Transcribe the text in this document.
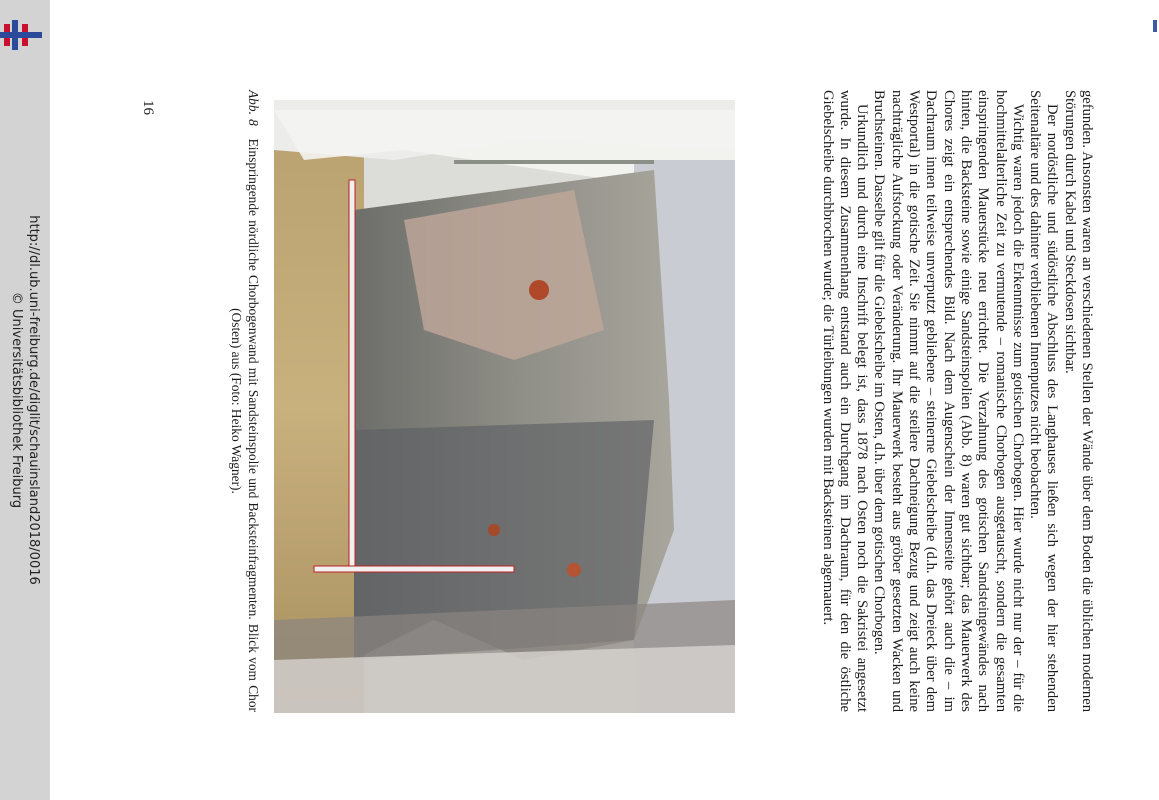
http://dl.ub.uni-freiburg.de/diglit/schauinsland2018/0016
© Universitätsbibliothek Freiburg	gefunden. Ansonsten waren an verschiedenen Stellen der Wände über dem Boden die üblichen modernen Störungen durch Kabel und Steckdosen sichtbar.

Der nordöstliche und südöstliche Abschluss des Langhauses ließen sich wegen der hier stehenden Seitenaltäre und des dahinter verbliebenen Innenputzes nicht beobachten.

Wichtig waren jedoch die Erkenntnisse zum gotischen Chorbogen. Hier wurde nicht nur der – für die hochmittelalterliche Zeit zu vermutende – romanische Chorbogen ausgetauscht, sondern die gesamten einspringenden Mauerstücke neu errichtet. Die Verzahnung des gotischen Sandsteingewändes nach hinten, die Backsteine sowie einige Sandsteinspolien (Abb. 8) waren gut sichtbar; das Mauerwerk des Chores zeigt ein entsprechendes Bild. Nach dem Augenschein der Innenseite gehört auch die – im Dachraum innen teilweise unverputzt gebliebene – steinerne Giebelscheibe (d.h. das Dreieck über dem Westportal) in die gotische Zeit. Sie nimmt auf die steilere Dachneigung Bezug und zeigt auch keine nachträgliche Aufstockung oder Veränderung. Ihr Mauerwerk besteht aus gröber gesetzten Wacken und Bruchsteinen. Dasselbe gilt für die Giebelscheibe im Osten, d.h. über dem gotischen Chorbogen.

Urkundlich und durch eine Inschrift belegt ist, dass 1878 nach Osten noch die Sakristei angesetzt wurde. In diesem Zusammenhang entstand auch ein Durchgang im Dachraum, für den die östliche Giebelscheibe durchbrochen wurde; die Türleibungen wurden mit Backsteinen abgemauert.

Abb. 8   Einspringende nördliche Chorbogenwand mit Sandsteinspolie und Backsteinfragmenten. Blick vom Chor (Osten) aus (Foto: Heiko Wagner).
16
